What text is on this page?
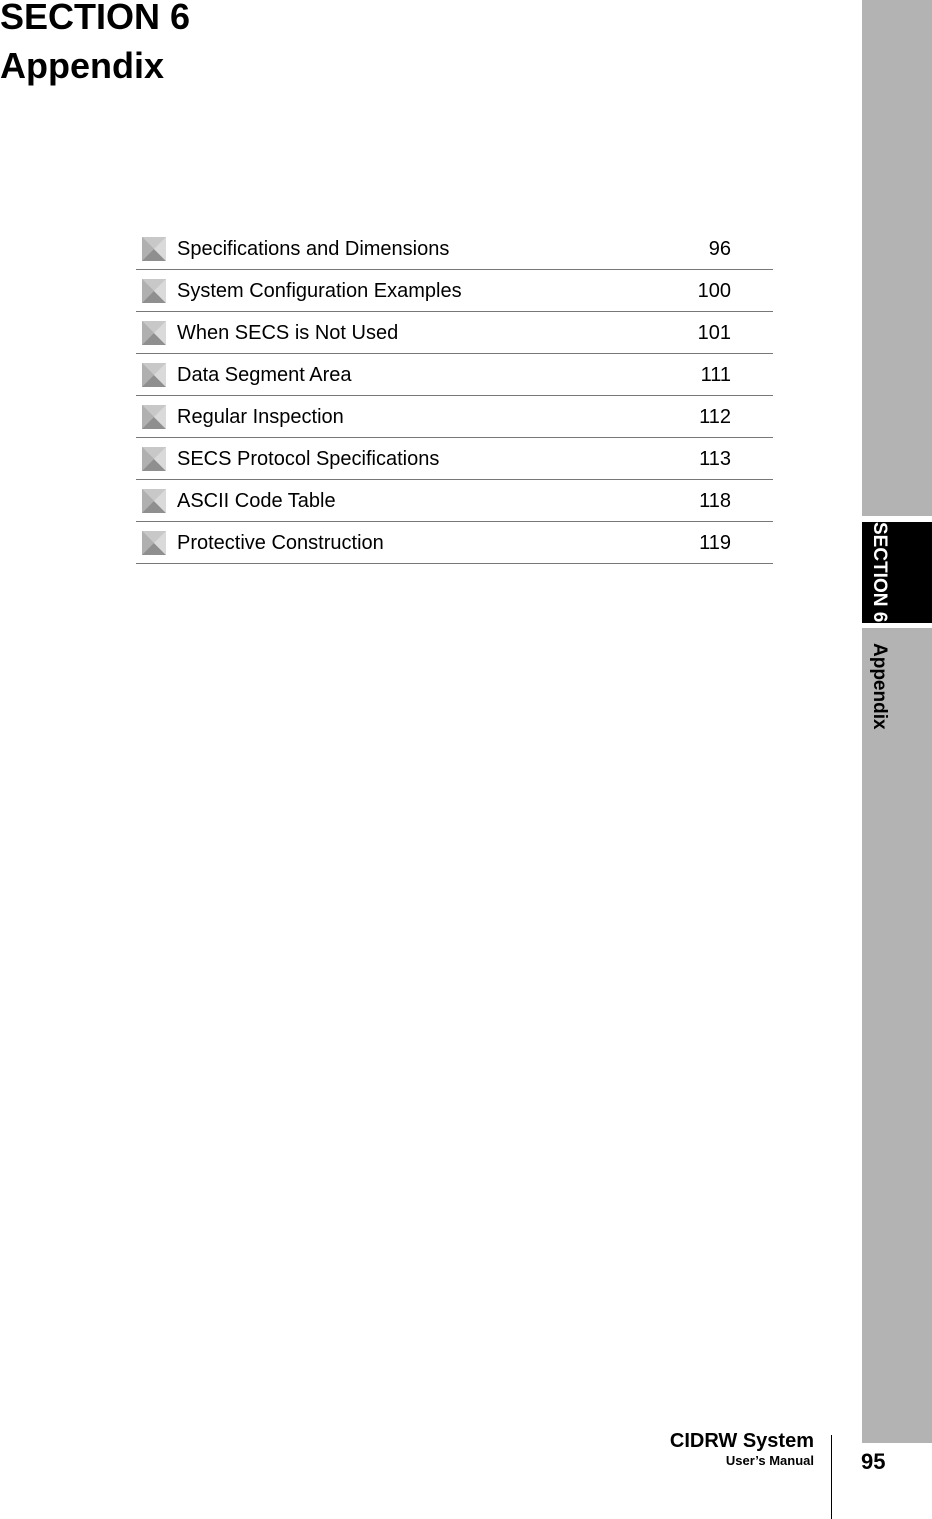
SECTION 6
Appendix
Specifications and Dimensions	96
System Configuration Examples	100
When SECS is Not Used	101
Data Segment Area	111
Regular Inspection	112
SECS Protocol Specifications	113
ASCII Code Table	118
Protective Construction	119	SECTION 6
Appendix
CIDRW System
User’s Manual 95
